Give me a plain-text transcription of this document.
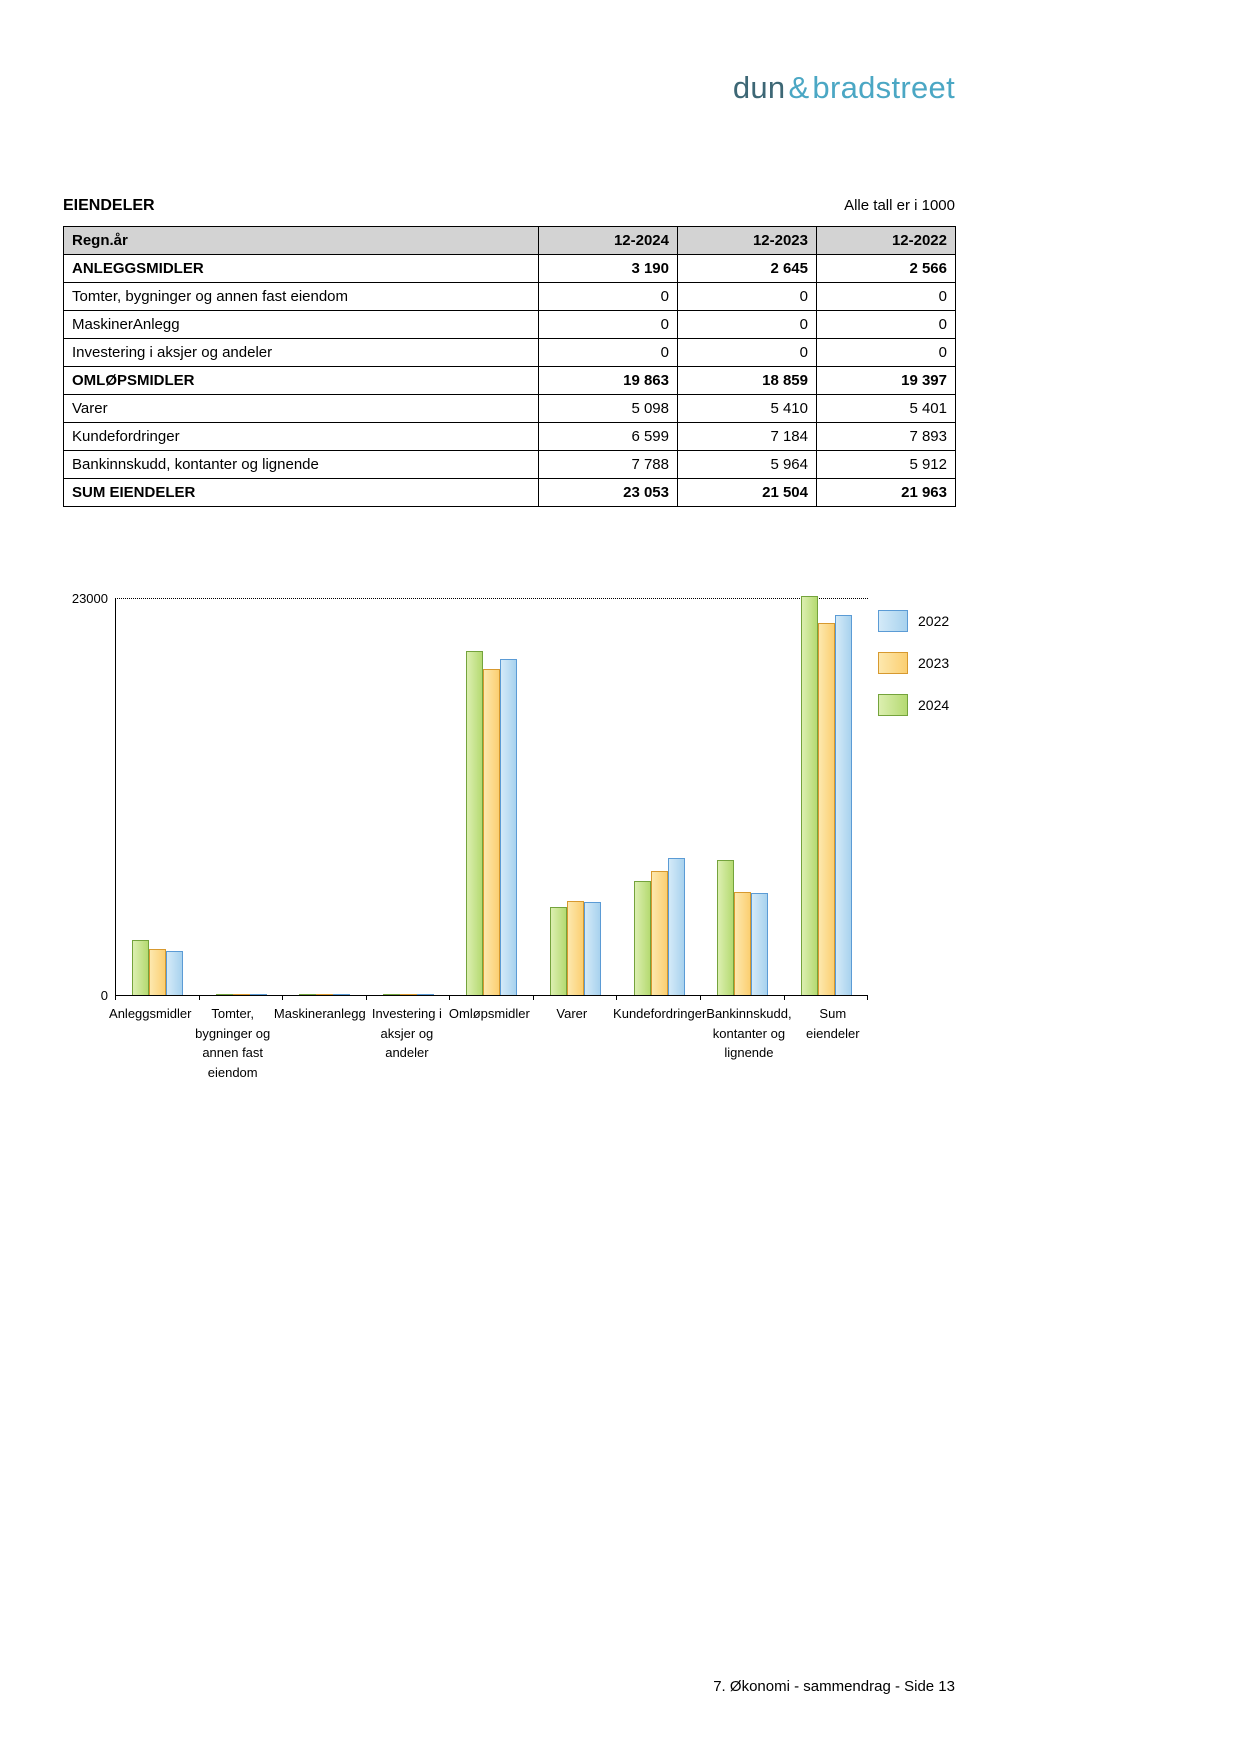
dun&bradstreet
EIENDELER	Alle tall er i 1000
Regn.år	12-2024	12-2023	12-2022
ANLEGGSMIDLER	3 190	2 645	2 566
Tomter, bygninger og annen fast eiendom	0	0	0
MaskinerAnlegg	0	0	0
Investering i aksjer og andeler	0	0	0
OMLØPSMIDLER	19 863	18 859	19 397
Varer	5 098	5 410	5 401
Kundefordringer	6 599	7 184	7 893
Bankinnskudd, kontanter og lignende	7 788	5 964	5 912
SUM EIENDELER	23 053	21 504	21 963
23000
0
Anleggsmidler	Tomter,
bygninger og
annen fast
eiendom
Maskineranlegg Investering i
aksjer og
andeler
Omløpsmidler	Varer	Kundefordringer Bankinnskudd,
kontanter og
lignende
Sum eiendeler
2022
2023
2024
7. Økonomi - sammendrag - Side 13
